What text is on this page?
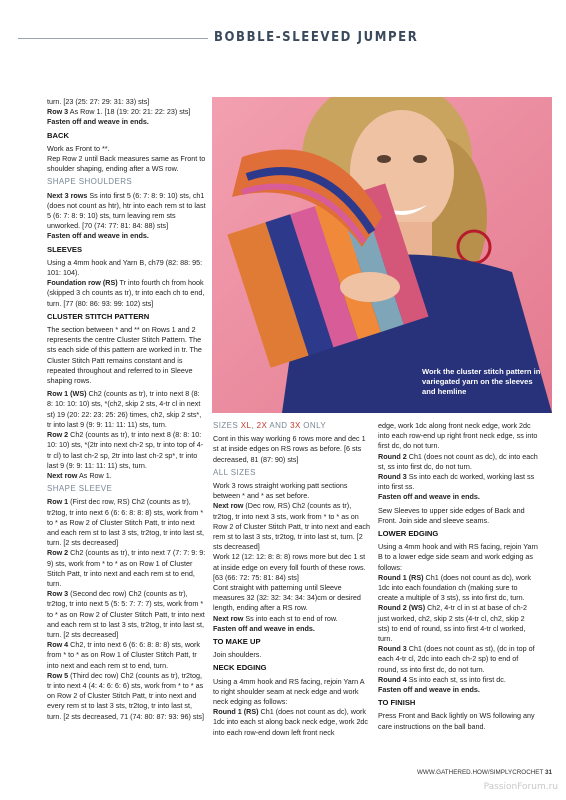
BOBBLE-SLEEVED JUMPER

turn. [23 (25: 27: 29: 31: 33) sts]
Row 3 As Row 1. [18 (19: 20: 21: 22: 23) sts]
Fasten off and weave in ends.

BACK

Work as Front to **.
Rep Row 2 until Back measures same as Front to shoulder shaping, ending after a WS row.

SHAPE SHOULDERS

Next 3 rows Ss into first 5 (6: 7: 8: 9: 10) sts, ch1 (does not count as htr), htr into each rem st to last 5 (6: 7: 8: 9: 10) sts, turn leaving rem sts unworked. [70 (74: 77: 81: 84: 88) sts]
Fasten off and weave in ends.

SLEEVES

Using a 4mm hook and Yarn B, ch79 (82: 88: 95: 101: 104).
Foundation row (RS) Tr into fourth ch from hook (skipped 3 ch counts as tr), tr into each ch to end, turn. [77 (80: 86: 93: 99: 102) sts]

CLUSTER STITCH PATTERN

The section between * and ** on Rows 1 and 2 represents the centre Cluster Stitch Pattern. The sts each side of this pattern are worked in tr. The Cluster Stitch Patt remains constant and is repeated throughout and referred to in Sleeve shaping rows.

Row 1 (WS) Ch2 (counts as tr), tr into next 8 (8: 8: 10: 10: 10) sts, *(ch2, skip 2 sts, 4-tr cl in next st) 19 (20: 22: 23: 25: 26) times, ch2, skip 2 sts*, tr into last 9 (9: 9: 11: 11: 11) sts, turn.
Row 2 Ch2 (counts as tr), tr into next 8 (8: 8: 10: 10: 10) sts, *(2tr into next ch-2 sp, tr into top of 4-tr cl) to last ch-2 sp, 2tr into last ch-2 sp*, tr into last 9 (9: 9: 11: 11: 11) sts, turn.
Next row As Row 1.

SHAPE SLEEVE

Row 1 (First dec row, RS) Ch2 (counts as tr), tr2tog, tr into next 6 (6: 6: 8: 8: 8) sts, work from * to * as Row 2 of Cluster Stitch Patt, tr into next and each rem st to last 3 sts, tr2tog, tr into last st, turn. [2 sts decreased]
Row 2 Ch2 (counts as tr), tr into next 7 (7: 7: 9: 9: 9) sts, work from * to * as on Row 1 of Cluster Stitch Patt, tr into next and each rem st to end, turn.
Row 3 (Second dec row) Ch2 (counts as tr), tr2tog, tr into next 5 (5: 5: 7: 7: 7) sts, work from * to * as on Row 2 of Cluster Stitch Patt, tr into next and each rem st to last 3 sts, tr2tog, tr into last st, turn. [2 sts decreased]
Row 4 Ch2, tr into next 6 (6: 6: 8: 8: 8) sts, work from * to * as on Row 1 of Cluster Stitch Patt, tr into next and each rem st to end, turn.
Row 5 (Third dec row) Ch2 (counts as tr), tr2tog, tr into next 4 (4: 4: 6: 6: 6) sts, work from * to * as on Row 2 of Cluster Stitch Patt, tr into next and every rem st to last 3 sts, tr2tog, tr into last st, turn. [2 sts decreased, 71 (74: 80: 87: 93: 96) sts]

Work the cluster stitch pattern in variegated yarn on the sleeves and hemline

SIZES XL, 2X AND 3X ONLY

Cont in this way working 6 rows more and dec 1 st at inside edges on RS rows as before. [6 sts decreased, 81 (87: 90) sts]

ALL SIZES

Work 3 rows straight working patt sections between * and * as set before.
Next row (Dec row, RS) Ch2 (counts as tr), tr2tog, tr into next 3 sts, work from * to * as on Row 2 of Cluster Stitch Patt, tr into next and each rem st to last 3 sts, tr2tog, tr into last st, turn. [2 sts decreased]
Work 12 (12: 12: 8: 8: 8) rows more but dec 1 st at inside edge on every foll fourth of these rows. [63 (66: 72: 75: 81: 84) sts]
Cont straight with patterning until Sleeve measures 32 (32: 32: 34: 34: 34)cm or desired length, ending after a RS row.
Next row Ss into each st to end of row.
Fasten off and weave in ends.

TO MAKE UP

Join shoulders.

NECK EDGING

Using a 4mm hook and RS facing, rejoin Yarn A to right shoulder seam at neck edge and work neck edging as follows:
Round 1 (RS) Ch1 (does not count as dc), work 1dc into each st along back neck edge, work 2dc into each row-end down left front neck

edge, work 1dc along front neck edge, work 2dc into each row-end up right front neck edge, ss into first dc, do not turn.
Round 2 Ch1 (does not count as dc), dc into each st, ss into first dc, do not turn.
Round 3 Ss into each dc worked, working last ss into first ss.
Fasten off and weave in ends.

Sew Sleeves to upper side edges of Back and Front. Join side and sleeve seams.

LOWER EDGING

Using a 4mm hook and with RS facing, rejoin Yarn B to a lower edge side seam and work edging as follows:
Round 1 (RS) Ch1 (does not count as dc), work 1dc into each foundation ch (making sure to create a multiple of 3 sts), ss into first dc, turn.
Round 2 (WS) Ch2, 4-tr cl in st at base of ch-2 just worked, ch2, skip 2 sts (4-tr cl, ch2, skip 2 sts) to end of round, ss into first 4-tr cl worked, turn.
Round 3 Ch1 (does not count as st), (dc in top of each 4-tr cl, 2dc into each ch-2 sp) to end of round, ss into first dc, do not turn.
Round 4 Ss into each st, ss into first dc.
Fasten off and weave in ends.

TO FINISH

Press Front and Back lightly on WS following any care instructions on the ball band.

WWW.GATHERED.HOW/SIMPLYCROCHET 31
PassionForum.ru
